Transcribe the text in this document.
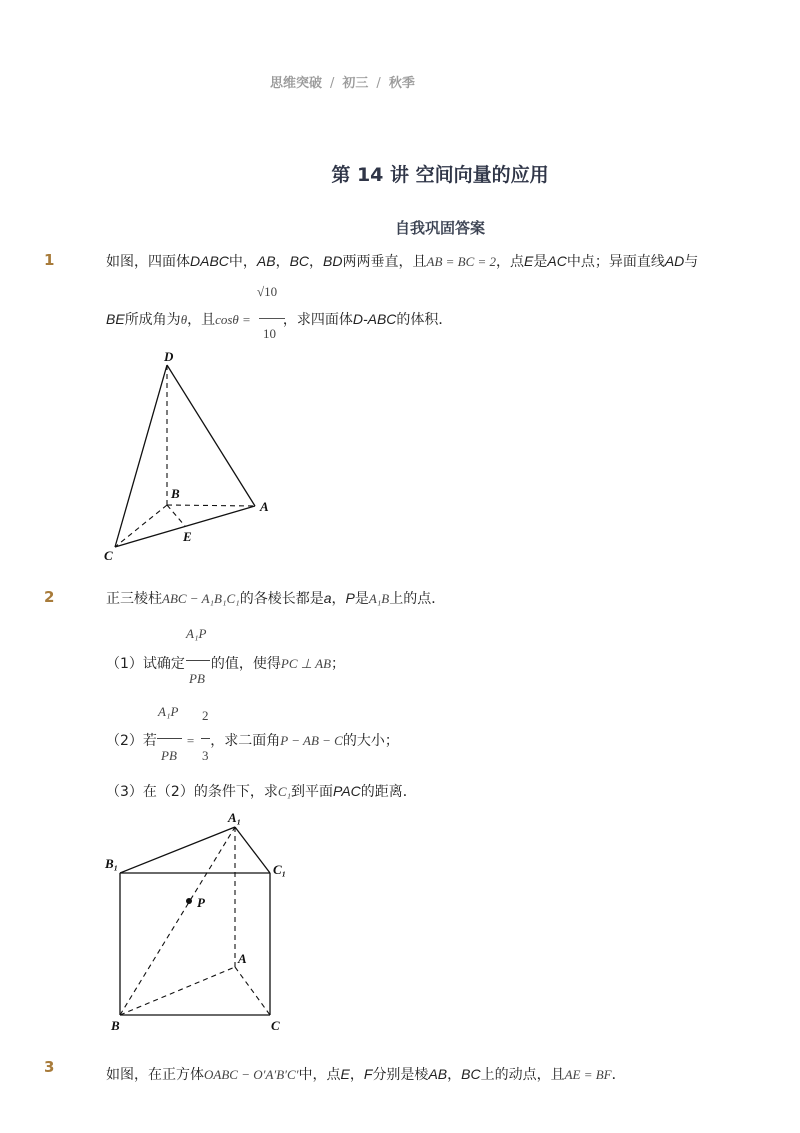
思维突破 / 初三 / 秋季
第 14 讲 空间向量的应用
自我巩固答案
1	如图，四面体DABC中，AB，BC，BD两两垂直，且AB = BC = 2，点E是AC中点；异面直线AD与
√10
10
BE所成角为θ，且cosθ = ，求四面体D-ABC的体积．
D
B
A
C
E
2	正三棱柱ABC − A₁B₁C₁的各棱长都是a，P是A₁B上的点．
A₁P
PB
（1）试确定 的值，使得PC ⊥ AB；
A₁P
PB
2
3
（2）若 = ，求二面角P − AB − C的大小；
（3）在（2）的条件下，求C₁到平面PAC的距离．
A₁
B₁	C₁
P
A
B	C
3	如图，在正方体OABC − O′A′B′C′中，点E，F分别是棱AB，BC上的动点，且AE = BF．
